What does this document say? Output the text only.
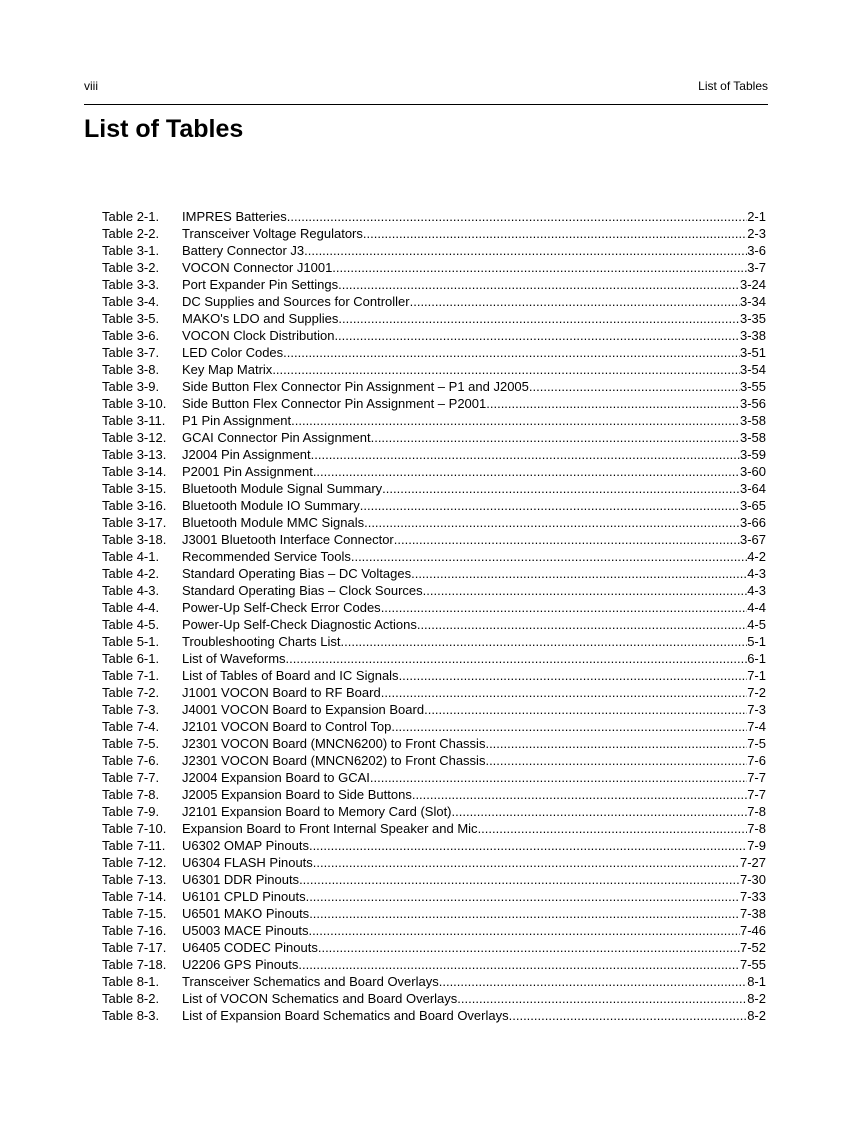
viii	List of Tables
List of Tables
Table 2-1.	IMPRES Batteries .....	2-1
Table 2-2.	Transceiver Voltage Regulators .....	2-3
Table 3-1.	Battery Connector J3 .....	3-6
Table 3-2.	VOCON Connector J1001 .....	3-7
Table 3-3.	Port Expander Pin Settings .....	3-24
Table 3-4.	DC Supplies and Sources for Controller .....	3-34
Table 3-5.	MAKO's LDO and Supplies .....	3-35
Table 3-6.	VOCON Clock Distribution .....	3-38
Table 3-7.	LED Color Codes .....	3-51
Table 3-8.	Key Map Matrix .....	3-54
Table 3-9.	Side Button Flex Connector Pin Assignment – P1 and J2005 .....	3-55
Table 3-10.	Side Button Flex Connector Pin Assignment – P2001 .....	3-56
Table 3-11.	P1 Pin Assignment .....	3-58
Table 3-12.	GCAI Connector Pin Assignment .....	3-58
Table 3-13.	J2004 Pin Assignment .....	3-59
Table 3-14.	P2001 Pin Assignment .....	3-60
Table 3-15.	Bluetooth Module Signal Summary .....	3-64
Table 3-16.	Bluetooth Module IO Summary .....	3-65
Table 3-17.	Bluetooth Module MMC Signals .....	3-66
Table 3-18.	J3001 Bluetooth Interface Connector .....	3-67
Table 4-1.	Recommended Service Tools .....	4-2
Table 4-2.	Standard Operating Bias – DC Voltages .....	4-3
Table 4-3.	Standard Operating Bias – Clock Sources .....	4-3
Table 4-4.	Power-Up Self-Check Error Codes .....	4-4
Table 4-5.	Power-Up Self-Check Diagnostic Actions .....	4-5
Table 5-1.	Troubleshooting Charts List .....	5-1
Table 6-1.	List of Waveforms .....	6-1
Table 7-1.	List of Tables of Board and IC Signals .....	7-1
Table 7-2.	J1001 VOCON Board to RF Board .....	7-2
Table 7-3.	J4001 VOCON Board to Expansion Board .....	7-3
Table 7-4.	J2101 VOCON Board to Control Top .....	7-4
Table 7-5.	J2301 VOCON Board (MNCN6200) to Front Chassis .....	7-5
Table 7-6.	J2301 VOCON Board (MNCN6202) to Front Chassis .....	7-6
Table 7-7.	J2004 Expansion Board to GCAI .....	7-7
Table 7-8.	J2005 Expansion Board to Side Buttons .....	7-7
Table 7-9.	J2101 Expansion Board to Memory Card (Slot) .....	7-8
Table 7-10.	Expansion Board to Front Internal Speaker and Mic .....	7-8
Table 7-11.	U6302 OMAP Pinouts .....	7-9
Table 7-12.	U6304 FLASH Pinouts .....	7-27
Table 7-13.	U6301 DDR Pinouts .....	7-30
Table 7-14.	U6101 CPLD Pinouts .....	7-33
Table 7-15.	U6501 MAKO Pinouts .....	7-38
Table 7-16.	U5003 MACE Pinouts .....	7-46
Table 7-17.	U6405 CODEC Pinouts .....	7-52
Table 7-18.	U2206 GPS Pinouts .....	7-55
Table 8-1.	Transceiver Schematics and Board Overlays .....	8-1
Table 8-2.	List of VOCON Schematics and Board Overlays .....	8-2
Table 8-3.	List of Expansion Board Schematics and Board Overlays .....	8-2
